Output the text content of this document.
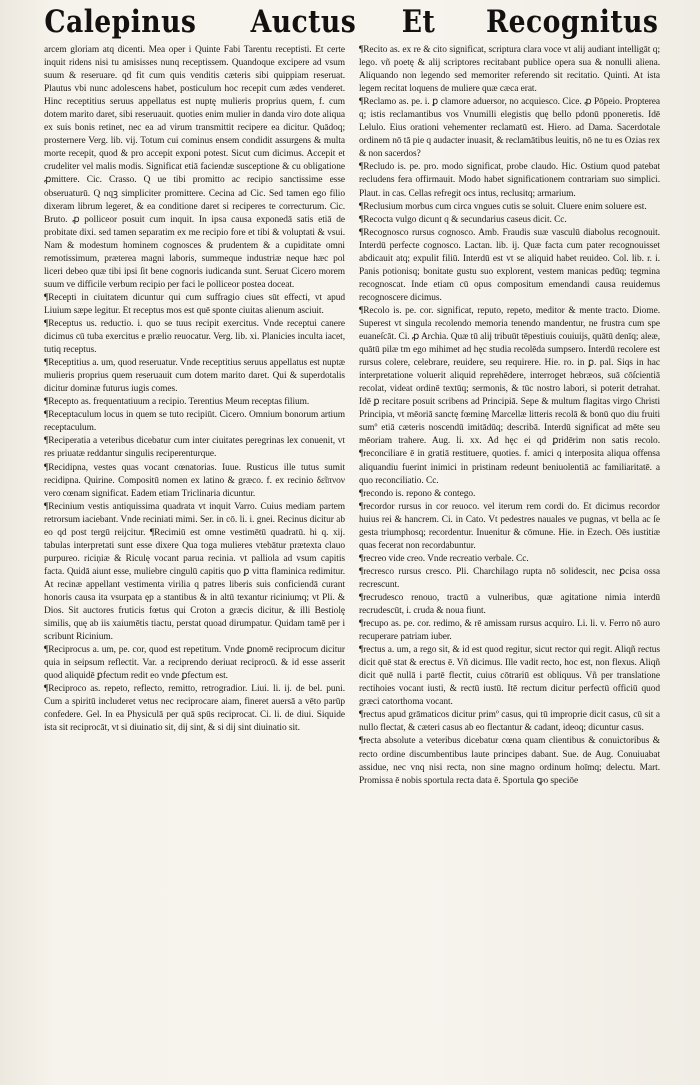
Calepinus Auctus Et Recognitus

arcem gloriam atq dicenti. Mea oper i Quinte Fabi Tarentu receptisti. Et certe inquit ridens nisi tu amisisses nunq receptissem. Quandoque excipere ad vsum suum & reseruare. qd fit cum quis venditis cæteris sibi quippiam reseruat. Plautus vbi nunc adolescens habet, posticulum hoc recepit cum ædes venderet. Hinc receptitius seruus appellatus est nuptę mulieris proprius quem, f. cum dotem marito daret, sibi reseruauit. quoties enim mulier in danda viro dote aliqua ex suis bonis retinet, nec ea ad virum transmittit recipere ea dicitur. Quādoq; prosternere Verg. lib. vij. Totum cui cominus ensem condidit assurgens & multa morte recepit, quod & pro accepit exponi potest. Sicut cum dicimus. Accepit et crudeliter vel malis modis. Significat etiā faciendæ susceptione & cu obligatione ꝓmittere. Cic. Crasso. Q ue tibi promitto ac recipio sanctissime esse obseruaturū. Q nqꝫ simpliciter promittere. Cecina ad Cic. Sed tamen ego filio dixeram librum legeret, & ea conditione daret si reciperes te correcturum. Cic. Bruto. ꝓ polliceor posuit cum inquit. In ipsa causa exponedā satis etiā de probitate dixi. sed tamen separatim ex me recipio fore et tibi & voluptati & vsui. Nam & modestum hominem cognosces & prudentem & a cupiditate omni remotissimum, præterea magni laboris, summeque industriæ neque hæc pol liceri debeo quæ tibi ipsi ſit bene cognoris iudicanda sunt. Seruat Cicero morem suum ve difficile verbum recipio per faci le polliceor postea doceat.

¶Recepti in ciuitatem dicuntur qui cum suffragio ciues sūt effecti, vt apud Liuium sæpe legitur. Et receptus mos est quē sponte ciuitas alienum asciuit.

¶Receptus us. reductio. i. quo se tuus recipit exercitus. Vnde receptui canere dicimus cū tuba exercitus e prælio reuocatur. Verg. lib. xi. Planicies inculta iacet, tutiq receptus.

¶Receptitius a. um, quod reseruatur. Vnde receptitius seruus appellatus est nuptæ mulieris proprius quem reseruauit cum dotem marito daret. Qui & superdotalis dicitur dominæ futurus iugis comes.

¶Recepto as. frequentatiuum a recipio. Terentius Meum receptas filium.

¶Receptaculum locus in quem se tuto recipiūt. Cicero. Omnium bonorum artium receptaculum.

¶Reciperatia a veteribus dicebatur cum inter ciuitates peregrinas lex conuenit, vt res priuatæ reddantur singulis reciperenturque.

¶Recidipna, vestes quas vocant cœnatorias. Iuue. Rusticus ille tutus sumit recidipna. Quirine. Compositū nomen ex latino & græco. f. ex recinio δεῖπνον vero cœnam significat. Eadem etiam Triclinaria dicuntur.

¶Recinium vestis antiquissima quadrata vt inquit Varro. Cuius mediam partem retrorsum iaciebant. Vnde reciniati mimi. Ser. in cō. li. i. gnei. Recinus dicitur ab eo qd post tergū reijcitur. ¶Recimiū est omne vestimētū quadratū. hi q. xij. tabulas interpretati sunt esse dixere Qua toga mulieres vtebātur prætexta clauo purpureo. riciņiæ & Riculę vocant parua recinia. vt palliola ad vsum capitis facta. Quidā aiunt esse, muliebre cingulū capitis quo ꝑ vitta flaminica redimitur. At recinæ appellant vestimenta virilia q patres liberis suis conficiendā curant honoris causa ita vsurpata ęp a stantibus & in altū texantur riciniumq; vt Pli. & Dios. Sit auctores fruticis fœtus qui Croton a græcis dicitur, & illi Bestiolę similis, quę ab iis xaiumētis tiactu, perstat quoad dirumpatur. Quidam tamē per i scribunt Ricinium.

¶Reciprocus a. um, pe. cor, quod est repetitum. Vnde ꝑnomē reciprocum dicitur quia in seipsum reflectit. Var. a reciprendo deriuat reciprocū. & id esse asserit quod aliquidē ꝑfectum redit eo vnde ꝑfectum est.

¶Reciproco as. repeto, reflecto, remitto, retrogradior. Liui. li. ij. de bel. puni. Cum a spiritū includeret vetus nec reciprocare aiam, fineret auersā a vēto parūp confedere. Gel. In ea Physiculā per quā spūs reciprocat. Ci. li. de diui. Siquide ista sit reciprocāt, vt si diuinatio sit, dij sint, & si dij sint diuinatio sit.

¶Recito as. ex re & cito significat, scriptura clara voce vt alij audiant intelligāt q; lego. vñ poetę & alij scriptores recitabant publice opera sua & nonulli aliena. Aliquando non legendo sed memoriter referendo sit recitatio. Quinti. At ista legem recitat loquens de muliere quæ cæca erat.

¶Reclamo as. pe. i. ꝑ clamore aduersor, no acquiesco. Cice. ꝓ Pōpeio. Propterea q; istis reclamantibus vos Vnumilli elegistis quę bello pdonū pponeretis. Idē Lelulo. Eius orationi vehementer reclamatū est. Hiero. ad Dama. Sacerdotale ordinem nō tā pie q audacter inuasit, & reclamātibus leuitis, nō ne tu es Ozias rex & non sacerdos?

¶Recludo is. pe. pro. modo significat, probe claudo. Hic. Ostium quod patebat recludens fera offirmauit. Modo habet significationem contrariam suo simplici. Plaut. in cas. Cellas refregit ocs intus, reclusitq; armarium.

¶Reclusium morbus cum circa vngues cutis se soluit. Cluere enim soluere est.

¶Recocta vulgo dicunt q & secundarius caseus dicit. Cc.

¶Recognosco rursus cognosco. Amb. Fraudis suæ vasculū diabolus recognouit. Interdū perfecte cognosco. Lactan. lib. ij. Quæ facta cum pater recognouisset abdicauit atq; expulit filiū. Interdū est vt se aliquid habet reuideo. Col. lib. r. i. Panis potionisq; bonitate gustu suo explorent, vestem manicas pedūq; tegmina recognoscat. Inde etiam cū opus compositum emendandi causa reuidemus recognoscere dicimus.

¶Recolo is. pe. cor. significat, reputo, repeto, meditor & mente tracto. Diome. Superest vt singula recolendo memoria tenendo mandentur, ne frustra cum spe euaneſcāt. Ci. ꝓ Archia. Quæ tū alij tribuūt tēpestiuis couiuijs, quātū denīq; aleæ, quātū pilæ tm ego mihimet ad hęc studia recolēda sumpsero. Interdū recolere est rursus colere, celebrare, reuidere, seu requirere. Hie. ro. in ꝑ. pal. Siqs in hac interpretatione voluerit aliquid reprehēdere, interroget hebræos, suā cōſcientiā recolat, videat ordinē textūq; sermonis, & tūc nostro labori, si poterit detrahat. Idē ꝑ recitare posuit scribens ad Principiā. Sepe & multum flagitas virgo Christi Principia, vt mēoriā sanctę fœminę Marcellæ litteris recolā & bonū quo diu fruiti sumº etiā cæteris noscendū imitādūq; describā. Interdū significat ad mēte seu mēoriam trahere. Aug. li. xx. Ad hęc ei qd ꝑridērim non satis recolo. ¶reconciliare ē in gratiā restituere, quoties. f. amici q interposita aliqua offensa aliquandiu fuerint inimici in pristinam redeunt beniuolentiā ac familiaritatē. a quo reconciliatio. Cc.

¶recondo is. repono & contego.

¶recordor rursus in cor reuoco. vel iterum rem cordi do. Et dicimus recordor huius rei & hancrem. Ci. in Cato. Vt pedestres nauales ve pugnas, vt bella ac ſe gesta triumphosq; recordentur. Inuenitur & cōmune. Hie. in Ezech. Oēs iustitiæ quas fecerat non recordabuntur.

¶recreo vide creo. Vnde recreatio verbale. Cc.

¶recresco rursus cresco. Pli. Charchilago rupta nō solidescit, nec ꝑcisa ossa recrescunt.

¶recrudesco renouo, tractū a vulneribus, quæ agitatione nimia interdū recrudescūt, i. cruda & noua fiunt.

¶recupo as. pe. cor. redimo, & rē amissam rursus acquiro. Li. li. v. Ferro nō auro recuperare patriam iuber.

¶rectus a. um, a rego sit, & id est quod regitur, sicut rector qui regit. Aliqñ rectus dicit quē stat & erectus ē. Vñ dicimus. Ille vadit recto, hoc est, non flexus. Aliqñ dicit quē nullā i partē flectit, cuius cōtrariū est obliquus. Vñ per translatione rectihoies vocant iusti, & rectū iustū. Itē rectum dicitur perfectū officiū quod græci catorthoma vocant.

¶rectus apud grāmaticos dicitur primº casus, qui tū improprie dicit casus, cū sit a nullo flectat, & cæteri casus ab eo flectantur & cadant, ideoq; dicuntur casus.

¶recta absolute a veteribus dicebatur cœna quam clientibus & conuictoribus & recto ordine discumbentibus laute principes dabant. Sue. de Aug. Conuiuabat assidue, nec vnq nisi recta, non sine magno ordinum hoīmq; delectu. Mart. Promissa ē nobis sportula recta data ē. Sportula ꝙo speciōe
